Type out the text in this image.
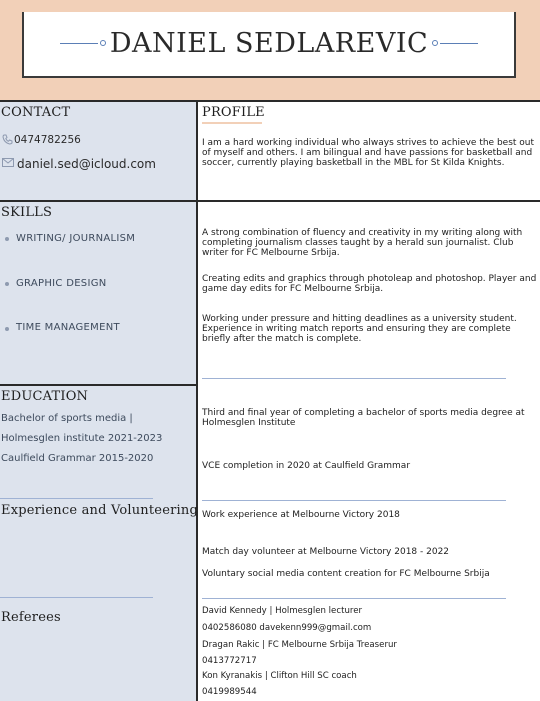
DANIEL SEDLAREVIC
CONTACT
0474782256
daniel.sed@icloud.com
PROFILE
I am a hard working individual who always strives to achieve the best out of myself and others. I am bilingual and have passions for basketball and soccer, currently playing basketball in the MBL for St Kilda Knights.
SKILLS
WRITING/ JOURNALISM	A strong combination of fluency and creativity in my writing along with completing journalism classes taught by a herald sun journalist. Club writer for FC Melbourne Srbija.
GRAPHIC DESIGN	Creating edits and graphics through photoleap and photoshop. Player and game day edits for FC Melbourne Srbija.
TIME MANAGEMENT
Working under pressure and hitting deadlines as a university student. Experience in writing match reports and ensuring they are complete briefly after the match is complete.
EDUCATION
Bachelor of sports media |
Holmesglen institute 2021-2023
Caulfield Grammar 2015-2020
Third and final year of completing a bachelor of sports media degree at Holmesglen Institute
VCE completion in 2020 at Caulfield Grammar
Experience and Volunteering Work experience at Melbourne Victory 2018
Match day volunteer at Melbourne Victory 2018 - 2022
Voluntary social media content creation for FC Melbourne Srbija
Referees	David Kennedy | Holmesglen lecturer
0402586080 davekenn999@gmail.com
Dragan Rakic | FC Melbourne Srbija Treaserur
0413772717
Kon Kyranakis | Clifton Hill SC coach
0419989544
